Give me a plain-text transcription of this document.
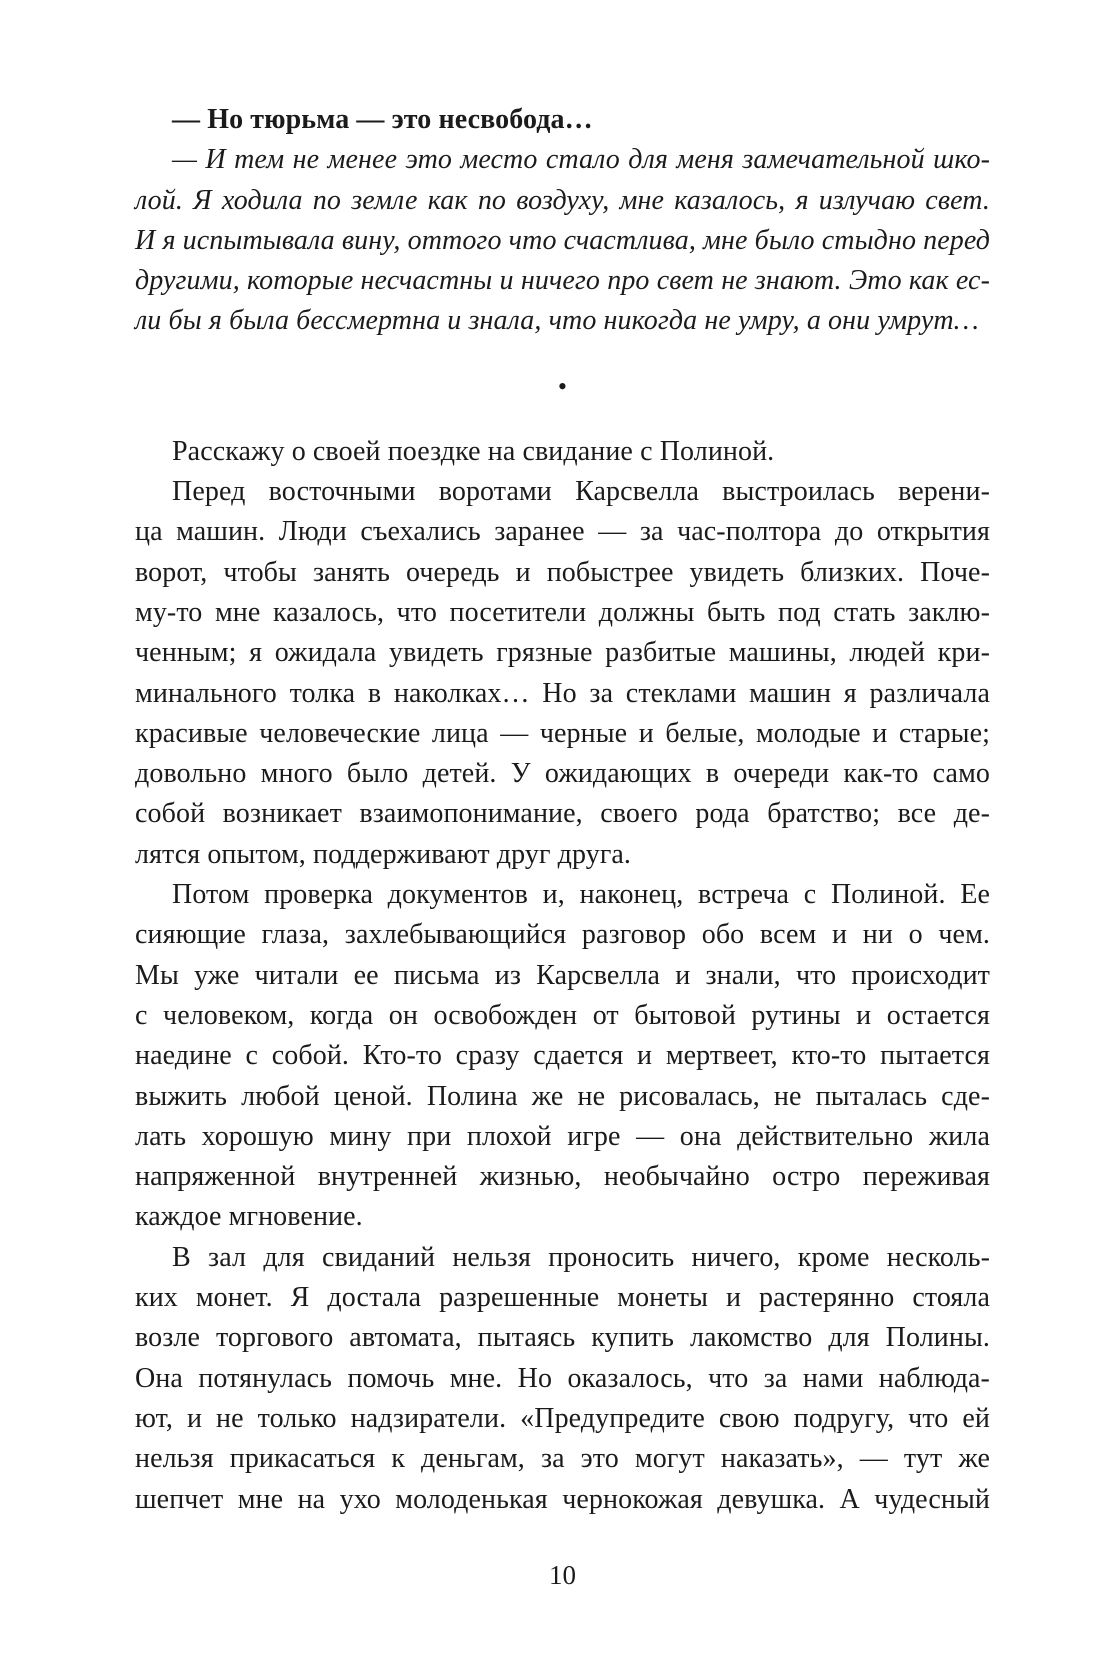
— Но тюрьма — это несвобода…
— И тем не менее это место стало для меня замечательной шко-
лой. Я ходила по земле как по воздуху, мне казалось, я излучаю свет.
И я испытывала вину, оттого что счастлива, мне было стыдно перед
другими, которые несчастны и ничего про свет не знают. Это как ес-
ли бы я была бессмертна и знала, что никогда не умру, а они умрут…
•
Расскажу о своей поездке на свидание с Полиной.
Перед восточными воротами Карсвелла выстроилась верени-
ца машин. Люди съехались заранее — за час-полтора до открытия
ворот, чтобы занять очередь и побыстрее увидеть близких. Поче-
му-то мне казалось, что посетители должны быть под стать заклю-
ченным; я ожидала увидеть грязные разбитые машины, людей кри-
минального толка в наколках… Но за стеклами машин я различала
красивые человеческие лица — черные и белые, молодые и старые;
довольно много было детей. У ожидающих в очереди как-то само
собой возникает взаимопонимание, своего рода братство; все де-
лятся опытом, поддерживают друг друга.
Потом проверка документов и, наконец, встреча с Полиной. Ее
сияющие глаза, захлебывающийся разговор обо всем и ни о чем.
Мы уже читали ее письма из Карсвелла и знали, что происходит
с человеком, когда он освобожден от бытовой рутины и остается
наедине с собой. Кто-то сразу сдается и мертвеет, кто-то пытается
выжить любой ценой. Полина же не рисовалась, не пыталась сде-
лать хорошую мину при плохой игре — она действительно жила
напряженной внутренней жизнью, необычайно остро переживая
каждое мгновение.
В зал для свиданий нельзя проносить ничего, кроме несколь-
ких монет. Я достала разрешенные монеты и растерянно стояла
возле торгового автомата, пытаясь купить лакомство для Полины.
Она потянулась помочь мне. Но оказалось, что за нами наблюда-
ют, и не только надзиратели. «Предупредите свою подругу, что ей
нельзя прикасаться к деньгам, за это могут наказать», — тут же
шепчет мне на ухо молоденькая чернокожая девушка. А чудесный
10
